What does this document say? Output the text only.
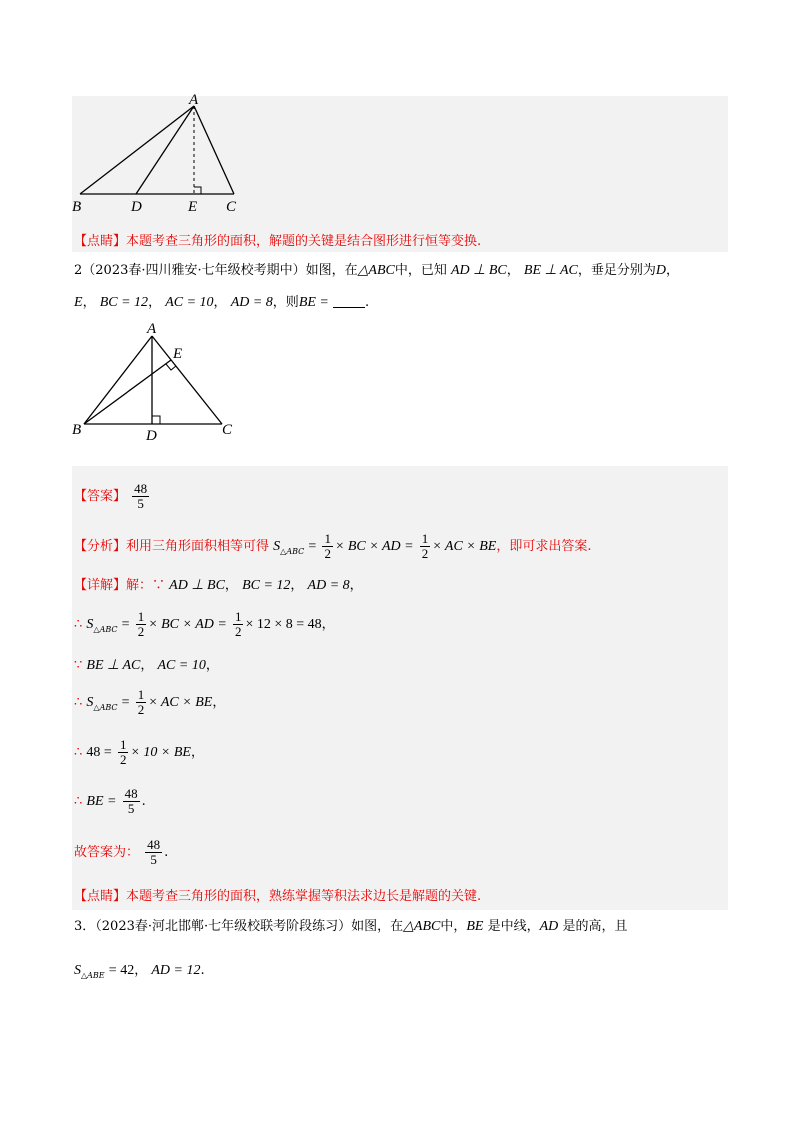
A
B	D	E C
【点睛】本题考查三角形的面积，解题的关键是结合图形进行恒等变换.
2（2023春·四川雅安·七年级校考期中）如图，在△ABC中，已知 AD ⊥ BC， BE ⊥ AC，垂足分别为D，
E， BC = 12， AC = 10， AD = 8，则BE =	.
A
E
B	D	C
【答案】 $\frac{48}{5}$
【分析】利用三角形面积相等可得 $S_{\triangle ABC} = \frac{1}{2}$ × BC × AD = $\frac{1}{2}$ × AC × BE，即可求出答案.
【详解】解：∵ AD ⊥ BC， BC = 12， AD = 8，
∴ $S_{\triangle ABC} = \frac{1}{2}$ × BC × AD = $\frac{1}{2} \times 12 \times 8 = 48$，
∵ BE ⊥ AC， AC = 10，
∴ $S_{\triangle ABC} = \frac{1}{2}$ × AC × BE，
∴ $48 = \frac{1}{2} \times 10$ × BE，
∴ BE = $\frac{48}{5}$ .
故答案为： $\frac{48}{5}$ .
【点睛】本题考查三角形的面积，熟练掌握等积法求边长是解题的关键.
3．（2023春·河北邯郸·七年级校联考阶段练习）如图，在△ABC中，BE 是中线，AD 是的高，且
$S_{\triangle ABE} = 42$， AD = 12.
